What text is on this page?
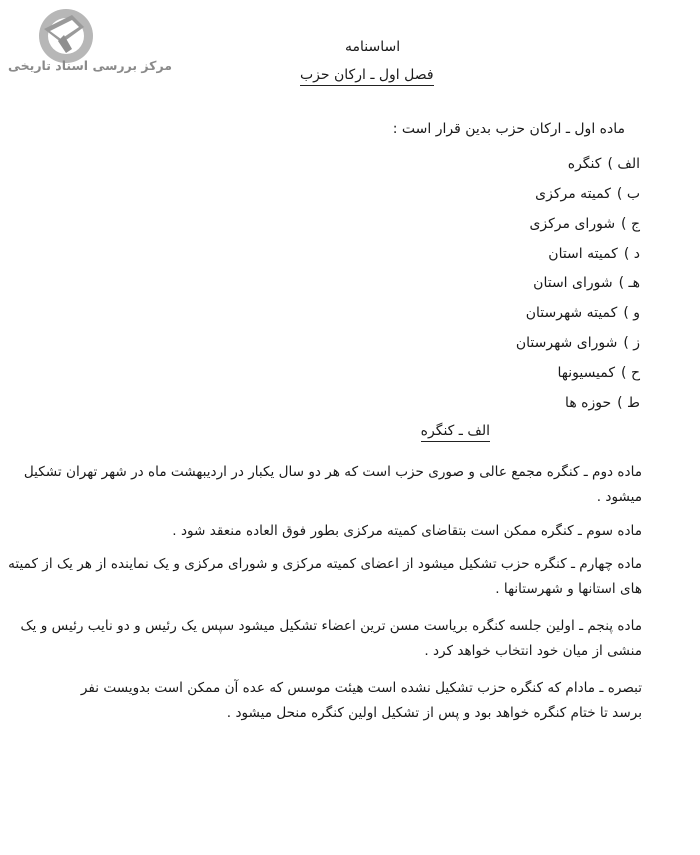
مرکز بررسی اسناد تاریخی
اساسنامه
فصل اول ـ ارکان حزب
ماده اول ـ ارکان حزب بدین قرار است :
الف )کنگره
ب )کمیته مرکزی
ج )شورای مرکزی
د )کمیته استان
هـ )شورای استان
و )کمیته شهرستان
ز )شورای شهرستان
ح )کمیسیونها
ط )حوزه ها
الف ـ کنگره
ماده دوم ـ کنگره مجمع عالی و صوری حزب است که هر دو سال یکبار در اردیبهشت ماه در شهر تهران تشکیل
میشود .
ماده سوم ـ کنگره ممکن است بتقاضای کمیته مرکزی بطور فوق العاده منعقد شود .
ماده چهارم ـ کنگره حزب تشکیل میشود از اعضای کمیته مرکزی و شورای مرکزی و یک نماینده از هر یک از کمیته
های استانها و شهرستانها .
ماده پنجم ـ اولین جلسه کنگره بریاست مسن ترین اعضاء تشکیل میشود سپس یک رئیس و دو نایب رئیس و یک
منشی از میان خود انتخاب خواهد کرد .
تبصره ـ مادام که کنگره حزب تشکیل نشده است هیئت موسس که عده آن ممکن است بدویست نفر
برسد تا ختام کنگره خواهد بود و پس از تشکیل اولین کنگره منحل میشود .
